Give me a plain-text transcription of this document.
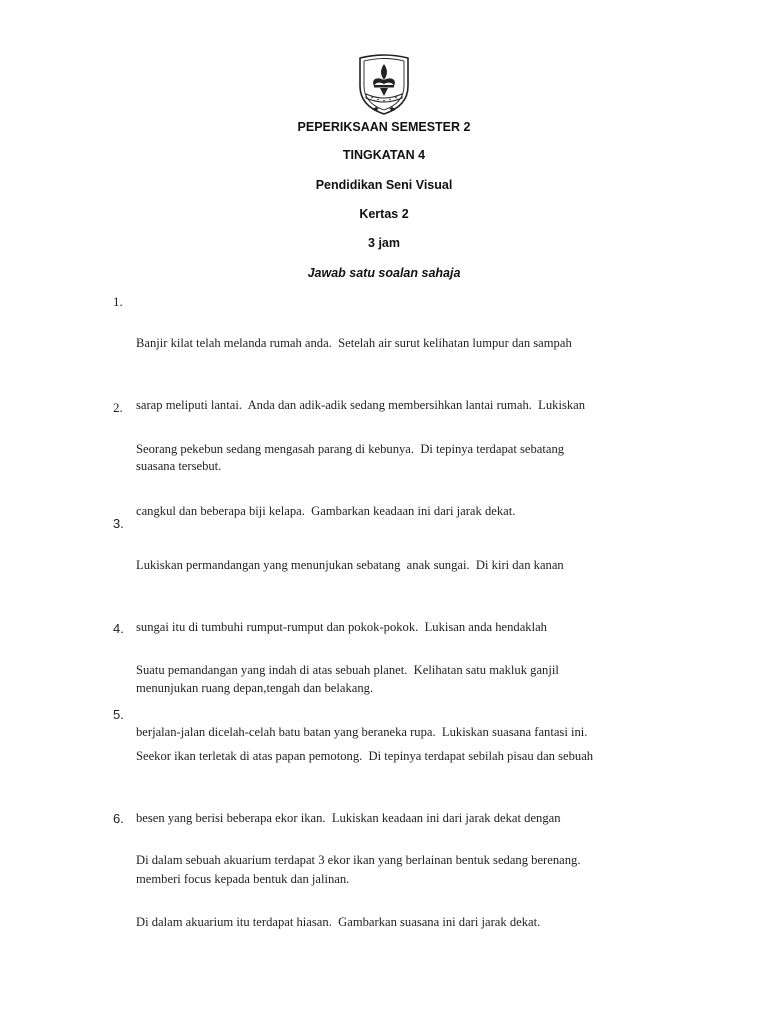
PEPERIKSAAN SEMESTER 2
TINGKATAN 4
Pendidikan Seni Visual
Kertas 2
3 jam
Jawab satu soalan sahaja
1.

Banjir kilat telah melanda rumah anda.  Setelah air surut kelihatan lumpur dan sampah

sarap meliputi lantai.  Anda dan adik-adik sedang membersihkan lantai rumah.  Lukiskan

suasana tersebut.

2.

Seorang pekebun sedang mengasah parang di kebunya.  Di tepinya terdapat sebatang

cangkul dan beberapa biji kelapa.  Gambarkan keadaan ini dari jarak dekat.

3.

Lukiskan permandangan yang menunjukan sebatang  anak sungai.  Di kiri dan kanan

sungai itu di tumbuhi rumput-rumput dan pokok-pokok.  Lukisan anda hendaklah

menunjukan ruang depan,tengah dan belakang.

4.

Suatu pemandangan yang indah di atas sebuah planet.  Kelihatan satu makluk ganjil

berjalan-jalan dicelah-celah batu batan yang beraneka rupa.  Lukiskan suasana fantasi ini.

5.

Seekor ikan terletak di atas papan pemotong.  Di tepinya terdapat sebilah pisau dan sebuah

besen yang berisi beberapa ekor ikan.  Lukiskan keadaan ini dari jarak dekat dengan

memberi focus kepada bentuk dan jalinan.

6.

Di dalam sebuah akuarium terdapat 3 ekor ikan yang berlainan bentuk sedang berenang.

Di dalam akuarium itu terdapat hiasan.  Gambarkan suasana ini dari jarak dekat.
